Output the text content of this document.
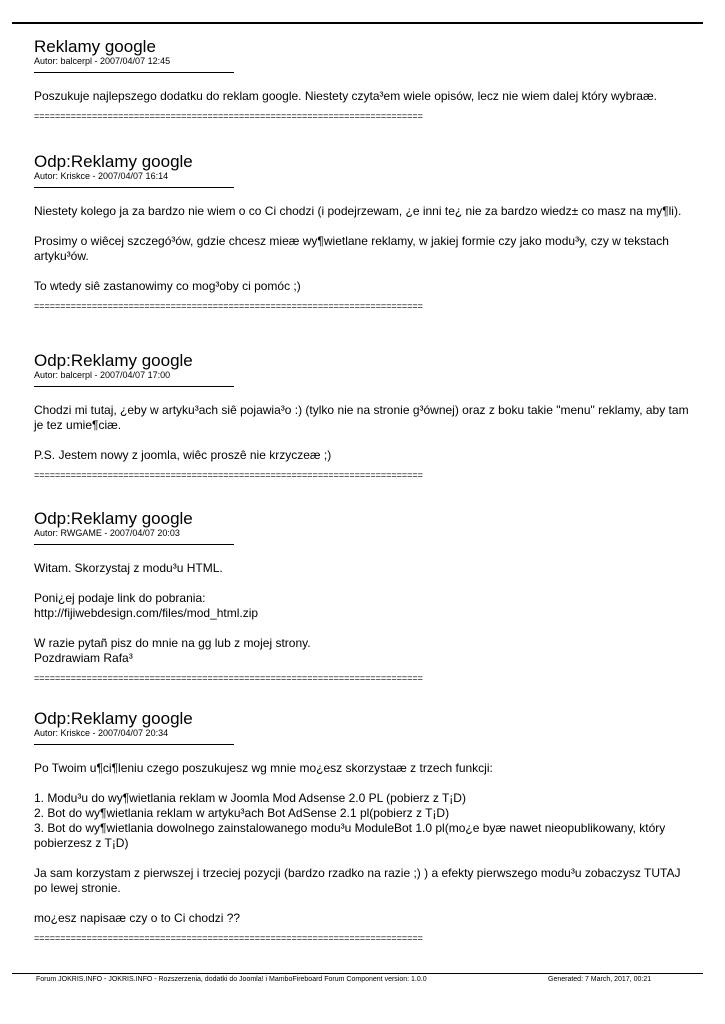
Reklamy google
Autor: balcerpl - 2007/04/07 12:45

Poszukuje najlepszego dodatku do reklam google. Niestety czyta³em wiele opisów, lecz nie wiem dalej który wybraæ.

==========================================================================
Odp:Reklamy google
Autor: Kriskce - 2007/04/07 16:14

Niestety kolego ja za bardzo nie wiem o co Ci chodzi (i podejrzewam, ¿e inni te¿ nie za bardzo wiedz± co masz na my¶li).

Prosimy o wiêcej szczegó³ów, gdzie chcesz mieæ wy¶wietlane reklamy, w jakiej formie czy jako modu³y, czy w tekstach artyku³ów.

To wtedy siê zastanowimy co mog³oby ci pomóc ;)

==========================================================================
Odp:Reklamy google
Autor: balcerpl - 2007/04/07 17:00

Chodzi mi tutaj, ¿eby w artyku³ach siê pojawia³o :) (tylko nie na stronie g³ównej) oraz z boku takie "menu" reklamy, aby tam je tez umie¶ciæ.

P.S. Jestem nowy z joomla, wiêc proszê nie krzyczeæ ;)

==========================================================================
Odp:Reklamy google
Autor: RWGAME - 2007/04/07 20:03

Witam. Skorzystaj z modu³u HTML.

Poni¿ej podaje link do pobrania:
http://fijiwebdesign.com/files/mod_html.zip

W razie pytañ pisz do mnie na gg lub z mojej strony.
Pozdrawiam Rafa³

==========================================================================
Odp:Reklamy google
Autor: Kriskce - 2007/04/07 20:34

Po Twoim u¶ci¶leniu czego poszukujesz wg mnie mo¿esz skorzystaæ z trzech funkcji:

1. Modu³u do wy¶wietlania reklam w Joomla Mod Adsense 2.0 PL (pobierz z T¡D)
2. Bot do wy¶wietlania reklam w artyku³ach Bot AdSense 2.1 pl(pobierz z T¡D)
3. Bot do wy¶wietlania dowolnego zainstalowanego modu³u ModuleBot 1.0 pl(mo¿e byæ nawet nieopublikowany, który pobierzesz z T¡D)

Ja sam korzystam z pierwszej i trzeciej pozycji (bardzo rzadko na razie ;) ) a efekty pierwszego modu³u zobaczysz TUTAJ po lewej stronie.

mo¿esz napisaæ czy o to Ci chodzi ??

==========================================================================
Forum JOKRIS.INFO - JOKRIS.INFO - Rozszerzenia, dodatki do Joomla! i MamboFireboard Forum Component version: 1.0.0	Generated: 7 March, 2017, 00:21
